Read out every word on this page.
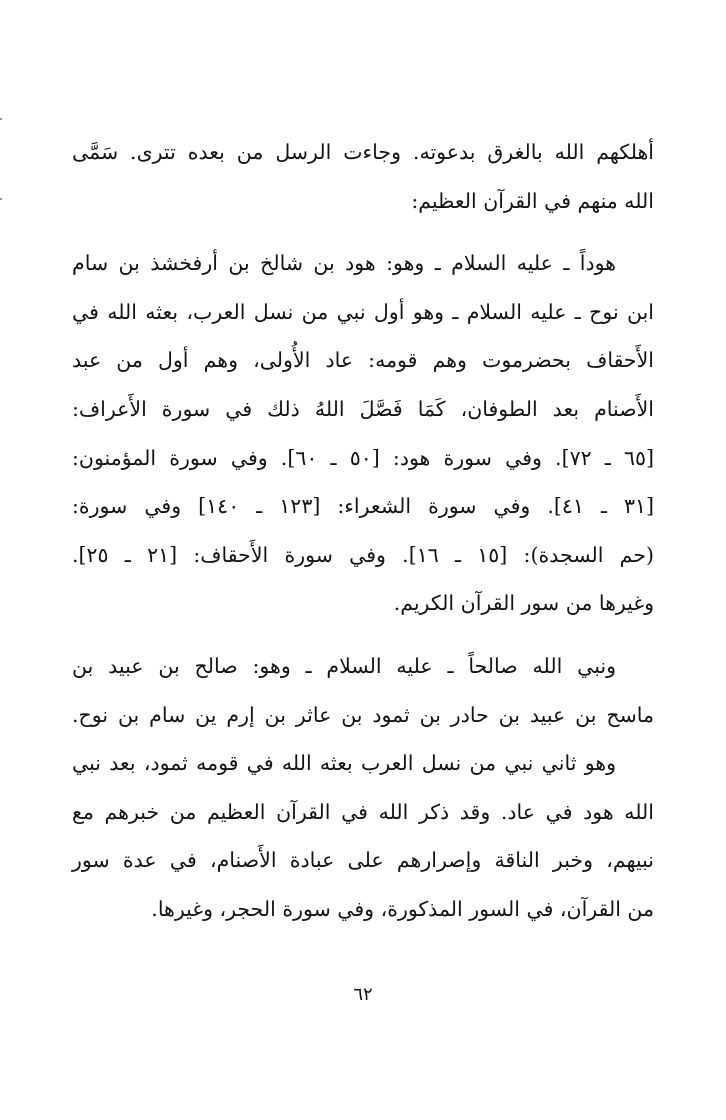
أهلكهم الله بالغرق بدعوته. وجاءت الرسل من بعده تترى. سَمَّى
الله منهم في القرآن العظيم:
هوداً ـ عليه السلام ـ وهو: هود بن شالخ بن أرفخشذ بن سام
ابن نوح ـ عليه السلام ـ وهو أول نبي من نسل العرب، بعثه الله في
الأَحقاف بحضرموت وهم قومه: عاد الأُولى، وهم أول من عبد
الأَصنام بعد الطوفان، كَمَا فَصَّلَ اللهُ ذلك في سورة الأَعراف:
[٦٥ ـ ٧٢]. وفي سورة هود: [٥٠ ـ ٦٠]. وفي سورة المؤمنون:
[٣١ ـ ٤١]. وفي سورة الشعراء: [١٢٣ ـ ١٤٠] وفي سورة:
(حم السجدة): [١٥ ـ ١٦]. وفي سورة الأَحقاف: [٢١ ـ ٢٥].
وغيرها من سور القرآن الكريم.
ونبي الله صالحاً ـ عليه السلام ـ وهو: صالح بن عبيد بن
ماسح بن عبيد بن حادر بن ثمود بن عاثر بن إرم ين سام بن نوح.
وهو ثاني نبي من نسل العرب بعثه الله في قومه ثمود، بعد نبي
الله هود في عاد. وقد ذكر الله في القرآن العظيم من خبرهم مع
نبيهم، وخبر الناقة وإصرارهم على عبادة الأَصنام، في عدة سور
من القرآن، في السور المذكورة، وفي سورة الحجر، وغيرها.
٦٢
